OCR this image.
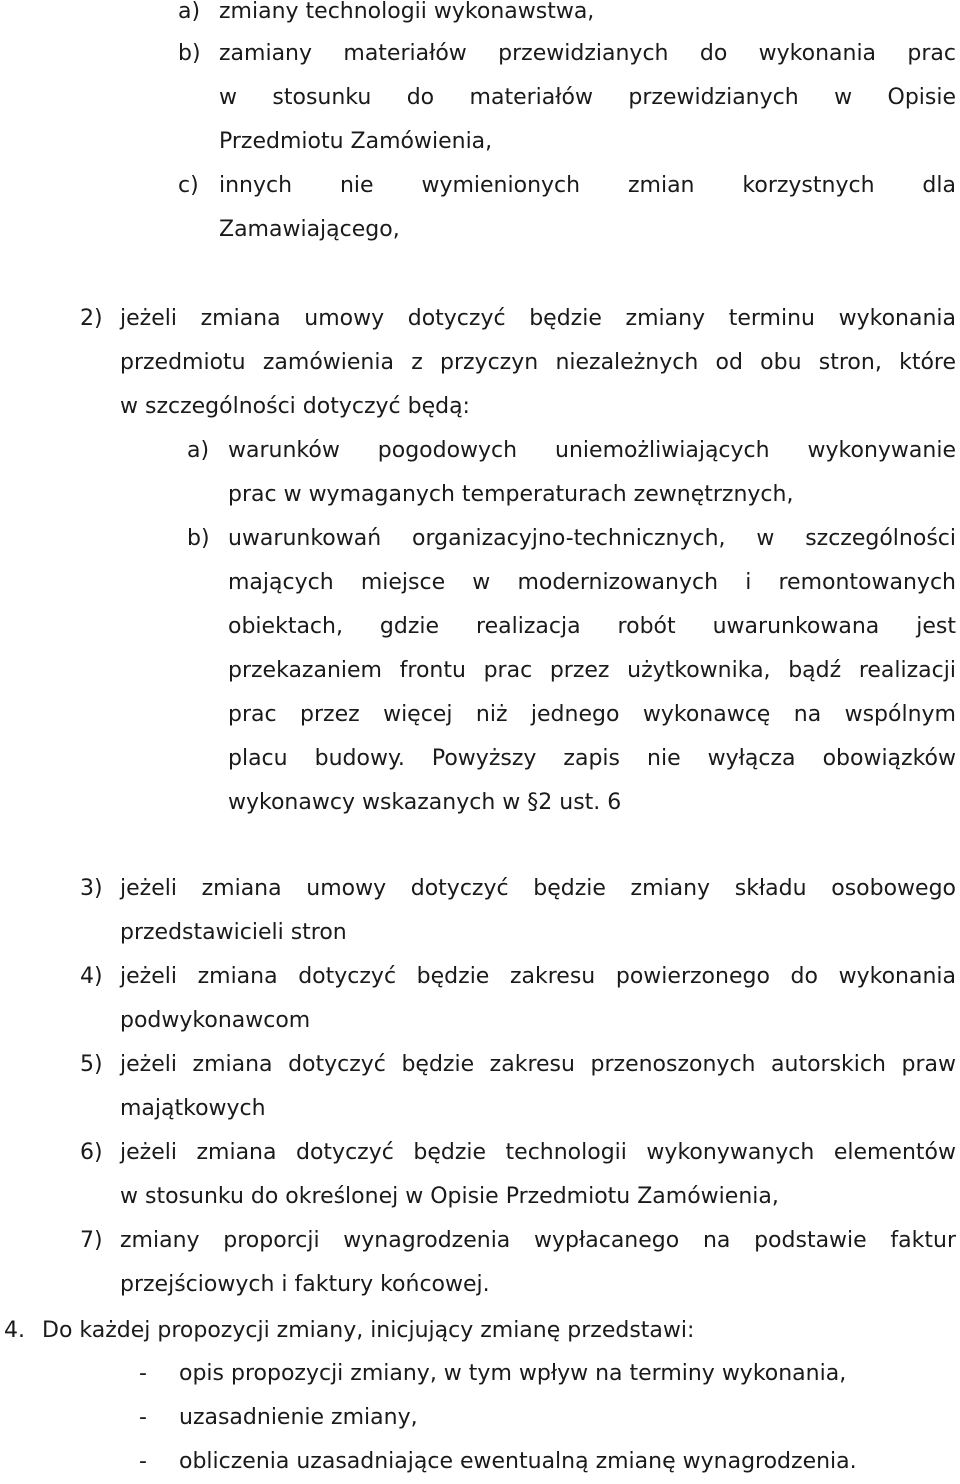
a) zmiany technologii wykonawstwa,
b) zamiany materiałów przewidzianych do wykonania prac
w stosunku do materiałów przewidzianych w Opisie
Przedmiotu Zamówienia,
c) innych nie wymienionych zmian korzystnych dla
Zamawiającego,
2) jeżeli zmiana umowy dotyczyć będzie zmiany terminu wykonania
przedmiotu zamówienia z przyczyn niezależnych od obu stron, które
w szczególności dotyczyć będą:
a) warunków pogodowych uniemożliwiających wykonywanie
prac w wymaganych temperaturach zewnętrznych,
b) uwarunkowań organizacyjno-technicznych, w szczególności
mających miejsce w modernizowanych i remontowanych
obiektach, gdzie realizacja robót uwarunkowana jest
przekazaniem frontu prac przez użytkownika, bądź realizacji
prac przez więcej niż jednego wykonawcę na wspólnym
placu budowy. Powyższy zapis nie wyłącza obowiązków
wykonawcy wskazanych w §2 ust. 6
3) jeżeli zmiana umowy dotyczyć będzie zmiany składu osobowego
przedstawicieli stron
4) jeżeli zmiana dotyczyć będzie zakresu powierzonego do wykonania
podwykonawcom
5) jeżeli zmiana dotyczyć będzie zakresu przenoszonych autorskich praw
majątkowych
6) jeżeli zmiana dotyczyć będzie technologii wykonywanych elementów
w stosunku do określonej w Opisie Przedmiotu Zamówienia,
7) zmiany proporcji wynagrodzenia wypłacanego na podstawie faktur
przejściowych i faktury końcowej.
4. Do każdej propozycji zmiany, inicjujący zmianę przedstawi:
- opis propozycji zmiany, w tym wpływ na terminy wykonania,
- uzasadnienie zmiany,
- obliczenia uzasadniające ewentualną zmianę wynagrodzenia.
